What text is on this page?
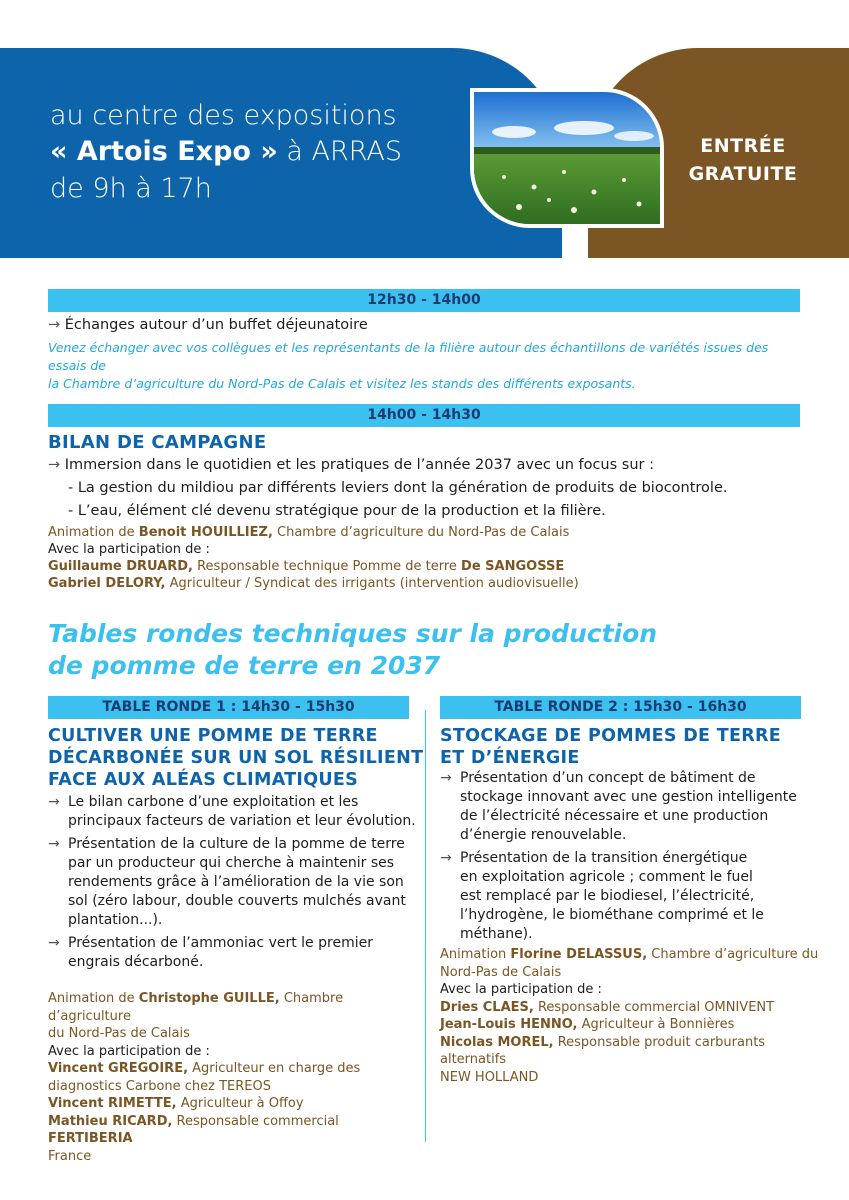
au centre des expositions
« Artois Expo » à ARRAS
de 9h à 17h
ENTRÉE
GRATUITE
12h30 - 14h00
→ Échanges autour d’un buffet déjeunatoire
Venez échanger avec vos collègues et les représentants de la filière autour des échantillons de variétés issues des essais de
la Chambre d’agriculture du Nord-Pas de Calais et visitez les stands des différents exposants.
14h00 - 14h30
BILAN DE CAMPAGNE
→ Immersion dans le quotidien et les pratiques de l’année 2037 avec un focus sur :
- La gestion du mildiou par différents leviers dont la génération de produits de biocontrole.
- L’eau, élément clé devenu stratégique pour de la production et la filière.
Animation de Benoit HOUILLIEZ, Chambre d’agriculture du Nord-Pas de Calais
Avec la participation de :
Guillaume DRUARD, Responsable technique Pomme de terre De SANGOSSE
Gabriel DELORY, Agriculteur / Syndicat des irrigants (intervention audiovisuelle)
Tables rondes techniques sur la production
de pomme de terre en 2037
TABLE RONDE 1 : 14h30 - 15h30
CULTIVER UNE POMME DE TERRE
DÉCARBONÉE SUR UN SOL RÉSILIENT
FACE AUX ALÉAS CLIMATIQUES
→ Le bilan carbone d’une exploitation et les
principaux facteurs de variation et leur évolution.
→ Présentation de la culture de la pomme de terre
par un producteur qui cherche à maintenir ses
rendements grâce à l’amélioration de la vie son
sol (zéro labour, double couverts mulchés avant
plantation...).
→ Présentation de l’ammoniac vert le premier
engrais décarboné.
Animation de Christophe GUILLE, Chambre d’agriculture
du Nord-Pas de Calais
Avec la participation de :
Vincent GREGOIRE, Agriculteur en charge des
diagnostics Carbone chez TEREOS
Vincent RIMETTE, Agriculteur à Offoy
Mathieu RICARD, Responsable commercial FERTIBERIA
France
TABLE RONDE 2 : 15h30 - 16h30
STOCKAGE DE POMMES DE TERRE
ET D’ÉNERGIE
→ Présentation d’un concept de bâtiment de
stockage innovant avec une gestion intelligente
de l’électricité nécessaire et une production
d’énergie renouvelable.
→ Présentation de la transition énergétique
en exploitation agricole ; comment le fuel
est remplacé par le biodiesel, l’électricité,
l’hydrogène, le biométhane comprimé et le
méthane).
Animation Florine DELASSUS, Chambre d’agriculture du
Nord-Pas de Calais
Avec la participation de :
Dries CLAES, Responsable commercial OMNIVENT
Jean-Louis HENNO, Agriculteur à Bonnières
Nicolas MOREL, Responsable produit carburants alternatifs
NEW HOLLAND
